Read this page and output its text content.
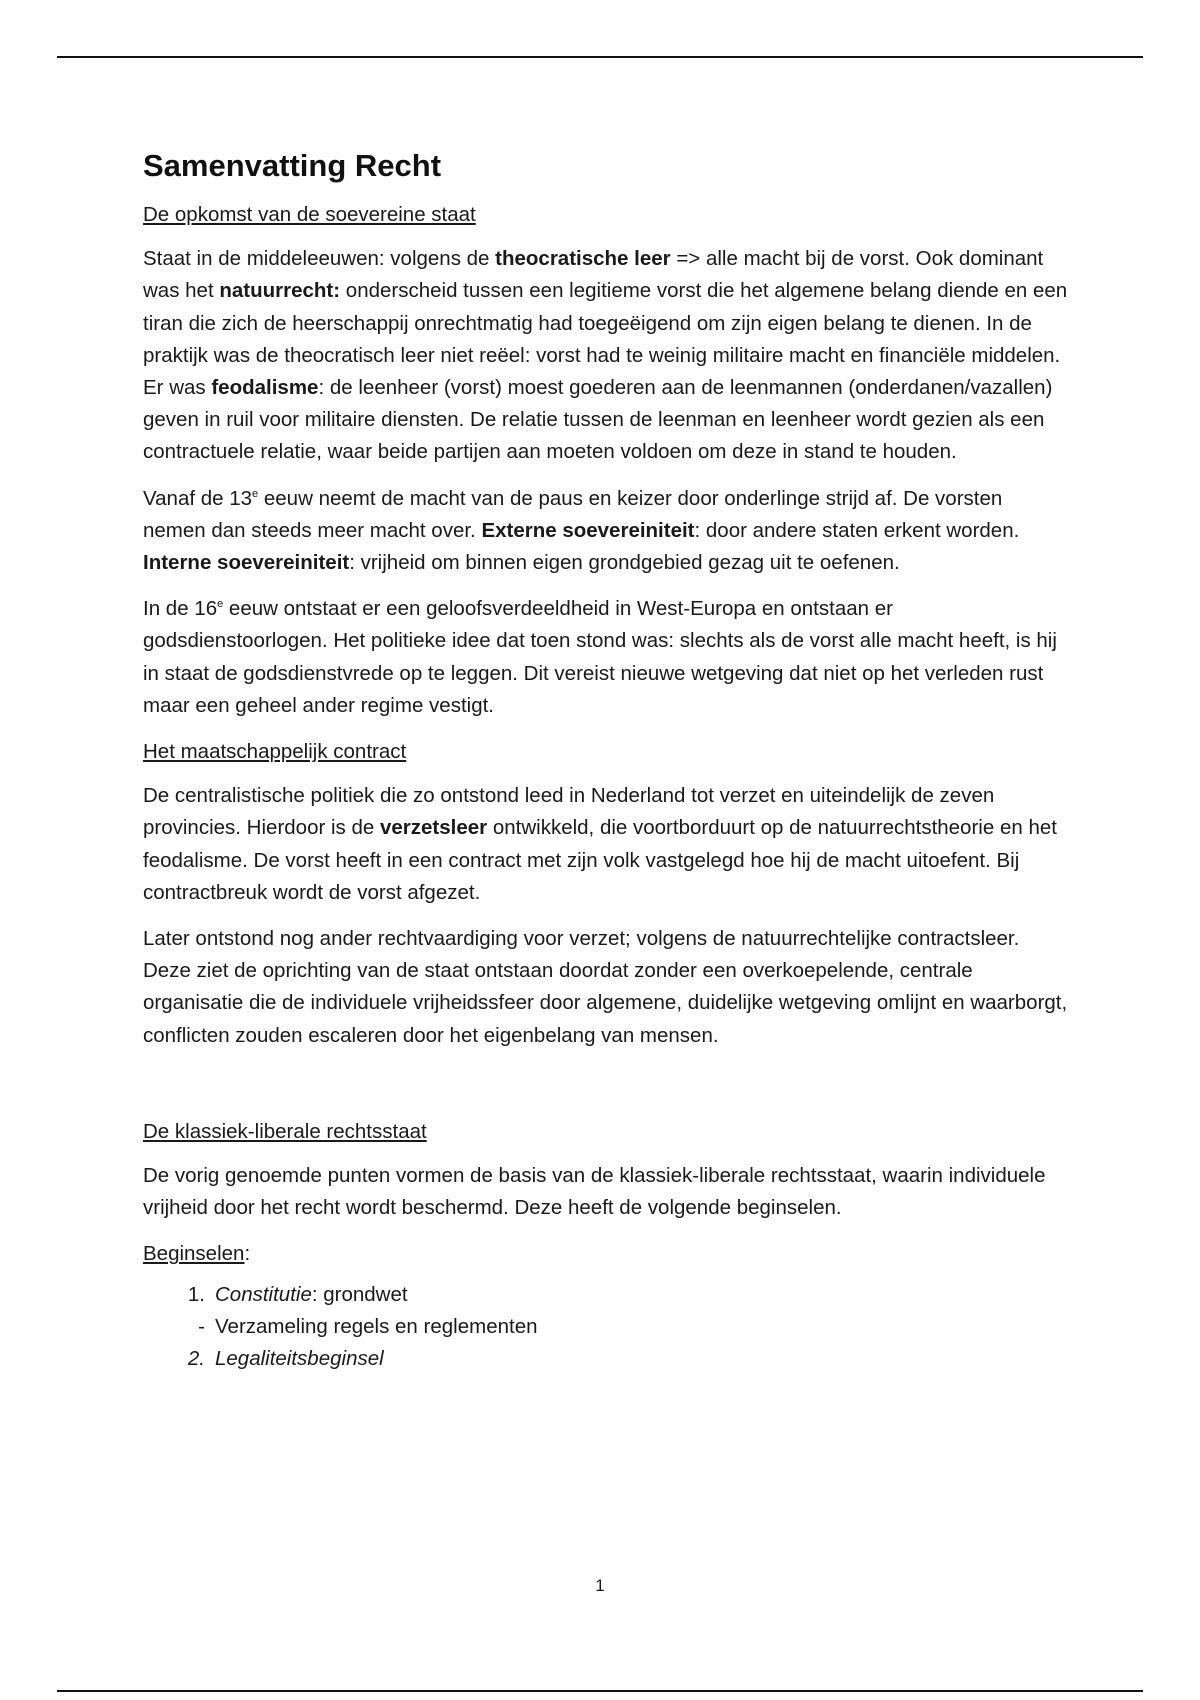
Samenvatting Recht
De opkomst van de soevereine staat

Staat in de middeleeuwen: volgens de theocratische leer => alle macht bij de vorst. Ook dominant was het natuurrecht: onderscheid tussen een legitieme vorst die het algemene belang diende en een tiran die zich de heerschappij onrechtmatig had toegeëigend om zijn eigen belang te dienen. In de praktijk was de theocratisch leer niet reëel: vorst had te weinig militaire macht en financiële middelen. Er was feodalisme: de leenheer (vorst) moest goederen aan de leenmannen (onderdanen/vazallen) geven in ruil voor militaire diensten. De relatie tussen de leenman en leenheer wordt gezien als een contractuele relatie, waar beide partijen aan moeten voldoen om deze in stand te houden.

Vanaf de 13e eeuw neemt de macht van de paus en keizer door onderlinge strijd af. De vorsten nemen dan steeds meer macht over. Externe soevereiniteit: door andere staten erkent worden. Interne soevereiniteit: vrijheid om binnen eigen grondgebied gezag uit te oefenen.

In de 16e eeuw ontstaat er een geloofsverdeeldheid in West-Europa en ontstaan er godsdienstoorlogen. Het politieke idee dat toen stond was: slechts als de vorst alle macht heeft, is hij in staat de godsdienstvrede op te leggen. Dit vereist nieuwe wetgeving dat niet op het verleden rust maar een geheel ander regime vestigt.

Het maatschappelijk contract

De centralistische politiek die zo ontstond leed in Nederland tot verzet en uiteindelijk de zeven provincies. Hierdoor is de verzetsleer ontwikkeld, die voortborduurt op de natuurrechtstheorie en het feodalisme. De vorst heeft in een contract met zijn volk vastgelegd hoe hij de macht uitoefent. Bij contractbreuk wordt de vorst afgezet.

Later ontstond nog ander rechtvaardiging voor verzet; volgens de natuurrechtelijke contractsleer. Deze ziet de oprichting van de staat ontstaan doordat zonder een overkoepelende, centrale organisatie die de individuele vrijheidssfeer door algemene, duidelijke wetgeving omlijnt en waarborgt, conflicten zouden escaleren door het eigenbelang van mensen.

De klassiek-liberale rechtsstaat

De vorig genoemde punten vormen de basis van de klassiek-liberale rechtsstaat, waarin individuele vrijheid door het recht wordt beschermd. Deze heeft de volgende beginselen.

Beginselen:

1. Constitutie: grondwet
- Verzameling regels en reglementen
2. Legaliteitsbeginsel
1
